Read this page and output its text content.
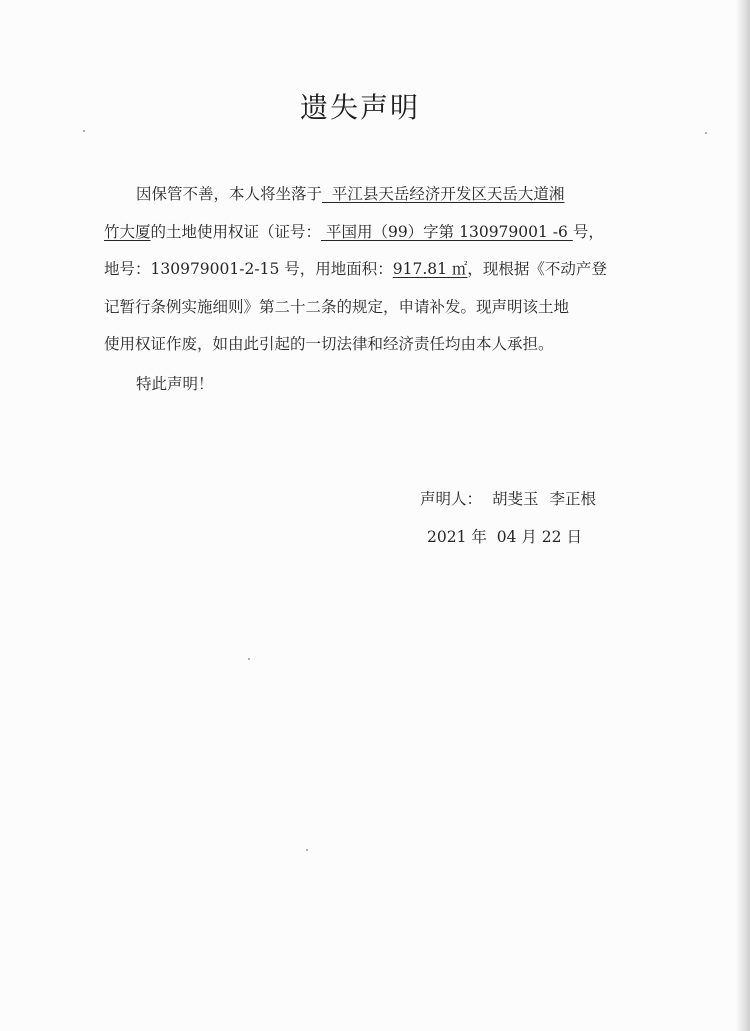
遗失声明
因保管不善，本人将坐落于  平江县天岳经济开发区天岳大道湘
竹大厦的土地使用权证（证号： 平国用（99）字第 130979001 -6 号，
地号：130979001-2-15 号，用地面积：917.81 ㎡，现根据《不动产登
记暂行条例实施细则》第二十二条的规定，申请补发。现声明该土地
使用权证作废，如由此引起的一切法律和经济责任均由本人承担。
特此声明！
声明人： 胡斐玉 李正根
2021 年  04 月 22 日
